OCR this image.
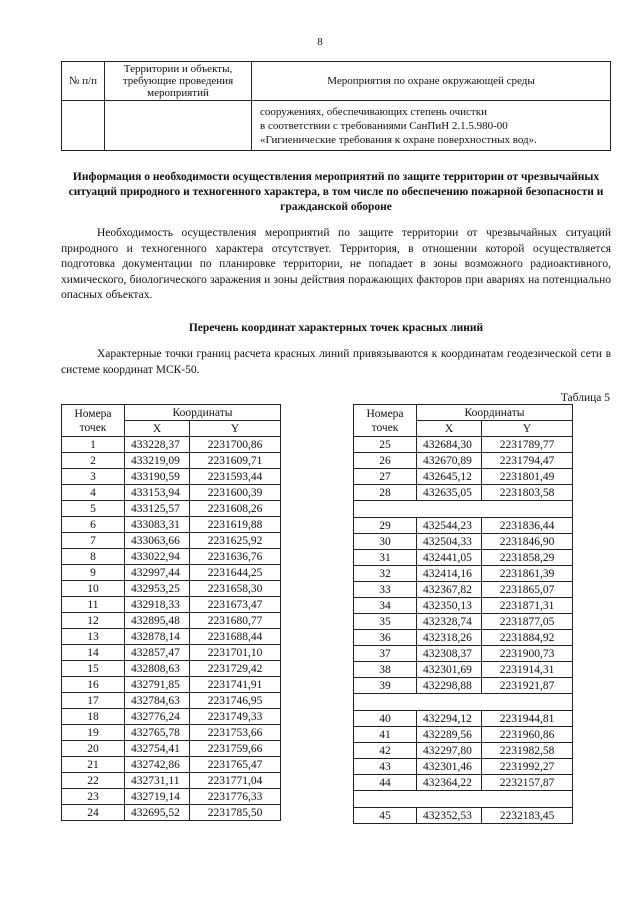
8
№ п/п	Территории и объекты, требующие проведения мероприятий	Мероприятия по охране окружающей среды

		сооружениях, обеспечивающих степень очистки
в соответствии с требованиями СанПиН 2.1.5.980-00
«Гигиенические требования к охране поверхностных вод».
Информация о необходимости осуществления мероприятий по защите территории от чрезвычайных ситуаций природного и техногенного характера, в том числе по обеспечению пожарной безопасности и гражданской обороне
Необходимость осуществления мероприятий по защите территории от чрезвычайных ситуаций природного и техногенного характера отсутствует. Территория, в отношении которой осуществляется подготовка документации по планировке территории, не попадает в зоны возможного радиоактивного, химического, биологического заражения и зоны действия поражающих факторов при авариях на потенциально опасных объектах.
Перечень координат характерных точек красных линий
Характерные точки границ расчета красных линий привязываются к координатам геодезической сети в системе координат МСК-50.
Таблица 5
Номера точек	Координаты	
	X	Y
1	433228,37	2231700,86
2	433219,09	2231609,71
3	433190,59	2231593,44
4	433153,94	2231600,39
5	433125,57	2231608,26
6	433083,31	2231619,88
7	433063,66	2231625,92
8	433022,94	2231636,76
9	432997,44	2231644,25
10	432953,25	2231658,30
11	432918,33	2231673,47
12	432895,48	2231680,77
13	432878,14	2231688,44
14	432857,47	2231701,10
15	432808,63	2231729,42
16	432791,85	2231741,91
17	432784,63	2231746,95
18	432776,24	2231749,33
19	432765,78	2231753,66
20	432754,41	2231759,66
21	432742,86	2231765,47
22	432731,11	2231771,04
23	432719,14	2231776,33
24	432695,52	2231785,50
Номера точек	Координаты	
	X	Y
25	432684,30	2231789,77
26	432670,89	2231794,47
27	432645,12	2231801,49
28	432635,05	2231803,58

29	432544,23	2231836,44
30	432504,33	2231846,90
31	432441,05	2231858,29
32	432414,16	2231861,39
33	432367,82	2231865,07
34	432350,13	2231871,31
35	432328,74	2231877,05
36	432318,26	2231884,92
37	432308,37	2231900,73
38	432301,69	2231914,31
39	432298,88	2231921,87

40	432294,12	2231944,81
41	432289,56	2231960,86
42	432297,80	2231982,58
43	432301,46	2231992,27
44	432364,22	2232157,87

45	432352,53	2232183,45
